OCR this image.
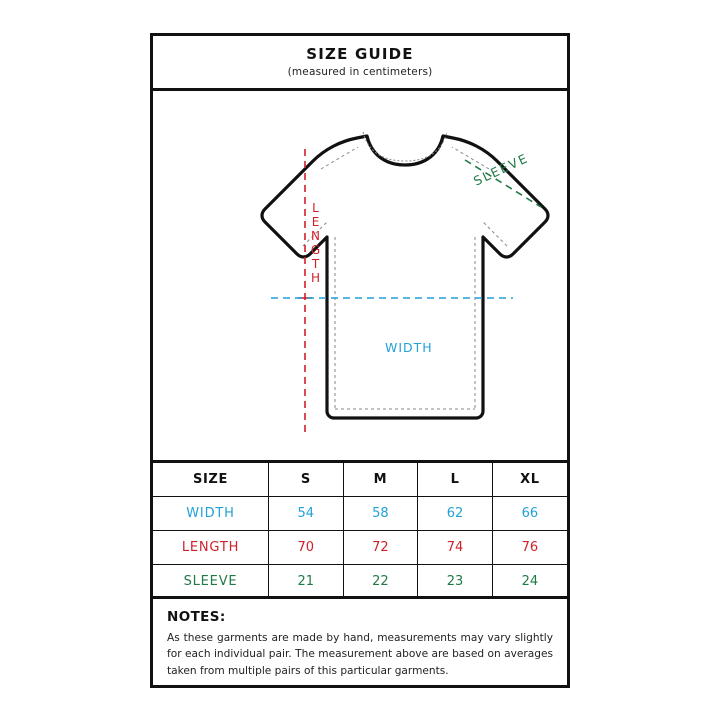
SIZE GUIDE
(measured in centimeters)
L
E
N
G
T
H
WIDTH
SLEEVE
SIZE	S	M	L	XL
WIDTH	54	58	62	66
LENGTH	70	72	74	76
SLEEVE	21	22	23	24
NOTES:
As these garments are made by hand, measurements may vary slightly for each individual pair. The measurement above are based on averages taken from multiple pairs of this particular garments.
